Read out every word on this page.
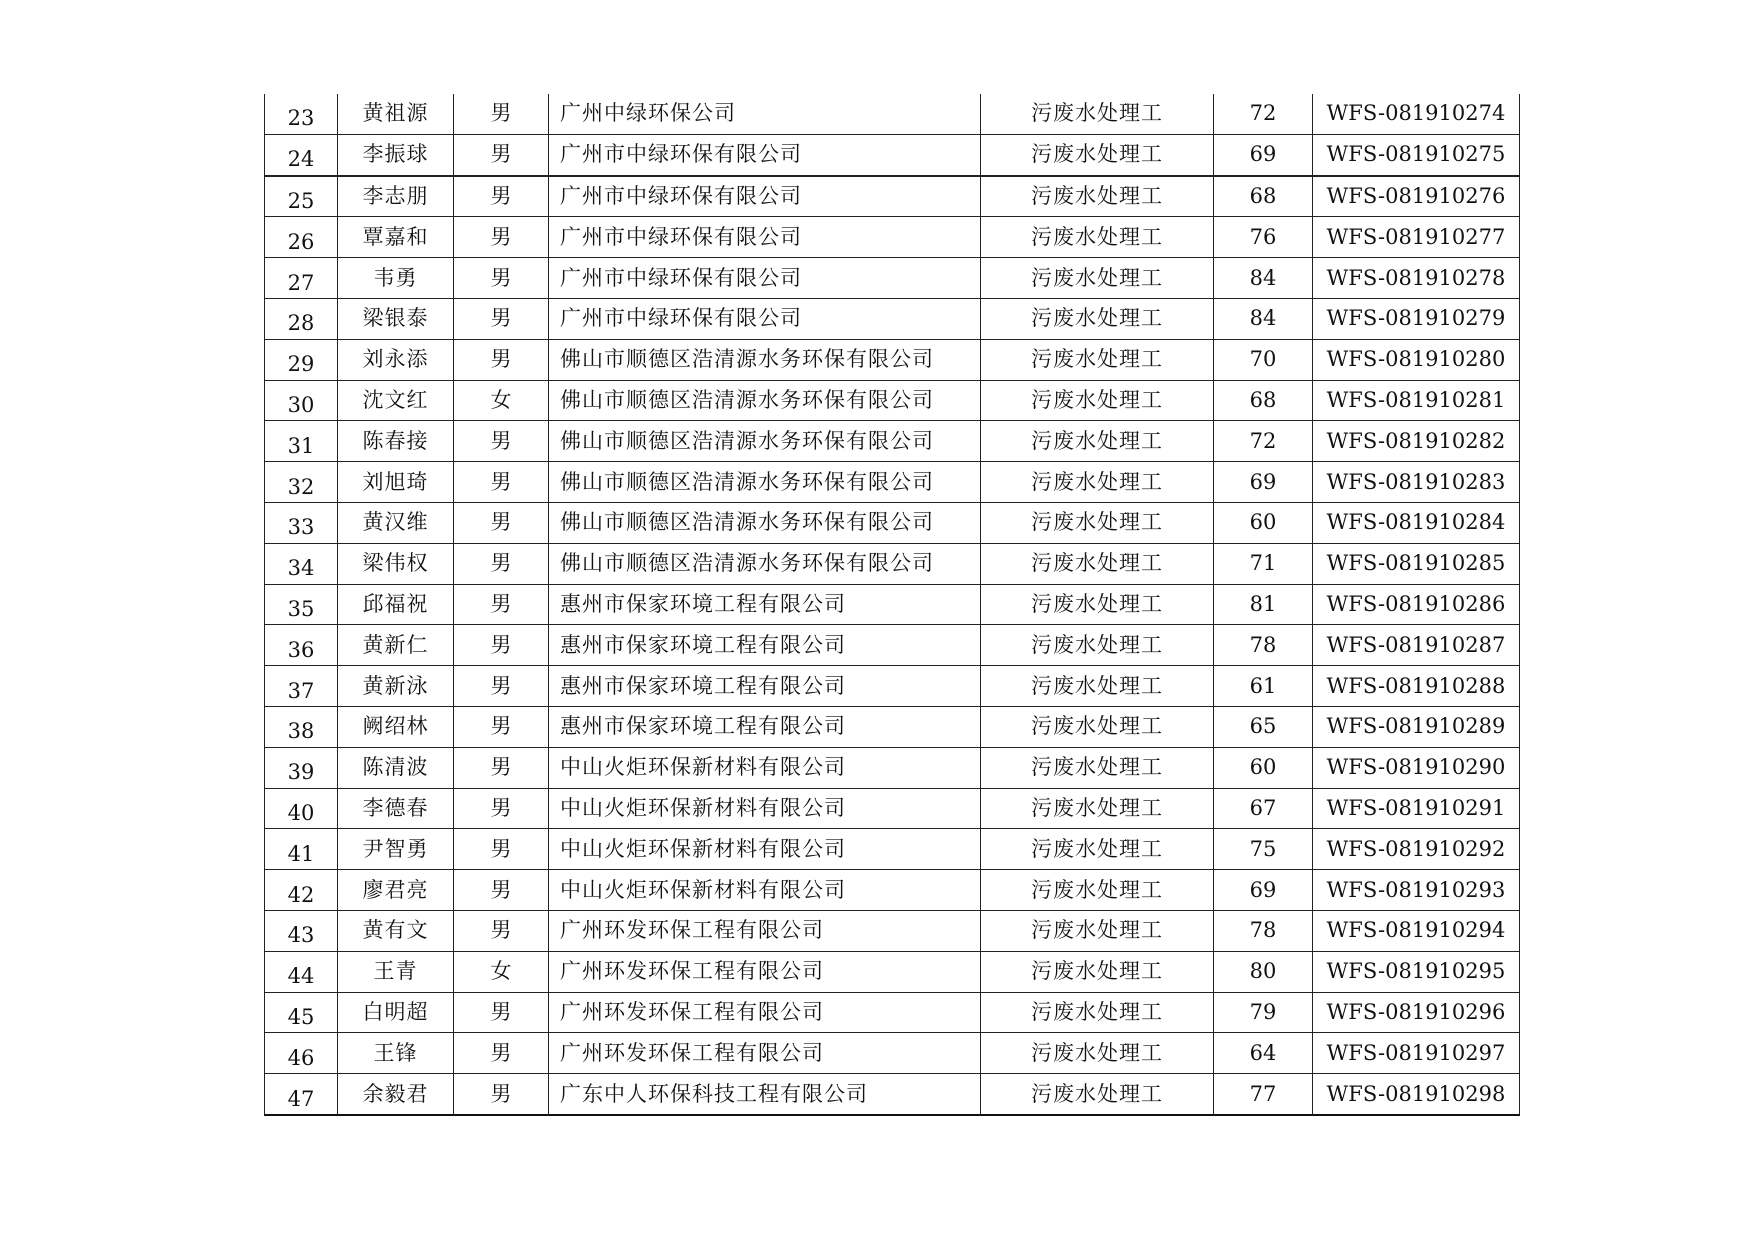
23	黄祖源	男	广州中绿环保公司	污废水处理工	72	WFS-081910274
24	李振球	男	广州市中绿环保有限公司	污废水处理工	69	WFS-081910275
25	李志朋	男	广州市中绿环保有限公司	污废水处理工	68	WFS-081910276
26	覃嘉和	男	广州市中绿环保有限公司	污废水处理工	76	WFS-081910277
27	韦勇	男	广州市中绿环保有限公司	污废水处理工	84	WFS-081910278
28	梁银泰	男	广州市中绿环保有限公司	污废水处理工	84	WFS-081910279
29	刘永添	男	佛山市顺德区浩清源水务环保有限公司	污废水处理工	70	WFS-081910280
30	沈文红	女	佛山市顺德区浩清源水务环保有限公司	污废水处理工	68	WFS-081910281
31	陈春接	男	佛山市顺德区浩清源水务环保有限公司	污废水处理工	72	WFS-081910282
32	刘旭琦	男	佛山市顺德区浩清源水务环保有限公司	污废水处理工	69	WFS-081910283
33	黄汉维	男	佛山市顺德区浩清源水务环保有限公司	污废水处理工	60	WFS-081910284
34	梁伟权	男	佛山市顺德区浩清源水务环保有限公司	污废水处理工	71	WFS-081910285
35	邱福祝	男	惠州市保家环境工程有限公司	污废水处理工	81	WFS-081910286
36	黄新仁	男	惠州市保家环境工程有限公司	污废水处理工	78	WFS-081910287
37	黄新泳	男	惠州市保家环境工程有限公司	污废水处理工	61	WFS-081910288
38	阙绍林	男	惠州市保家环境工程有限公司	污废水处理工	65	WFS-081910289
39	陈清波	男	中山火炬环保新材料有限公司	污废水处理工	60	WFS-081910290
40	李德春	男	中山火炬环保新材料有限公司	污废水处理工	67	WFS-081910291
41	尹智勇	男	中山火炬环保新材料有限公司	污废水处理工	75	WFS-081910292
42	廖君亮	男	中山火炬环保新材料有限公司	污废水处理工	69	WFS-081910293
43	黄有文	男	广州环发环保工程有限公司	污废水处理工	78	WFS-081910294
44	王青	女	广州环发环保工程有限公司	污废水处理工	80	WFS-081910295
45	白明超	男	广州环发环保工程有限公司	污废水处理工	79	WFS-081910296
46	王锋	男	广州环发环保工程有限公司	污废水处理工	64	WFS-081910297
47	余毅君	男	广东中人环保科技工程有限公司	污废水处理工	77	WFS-081910298
